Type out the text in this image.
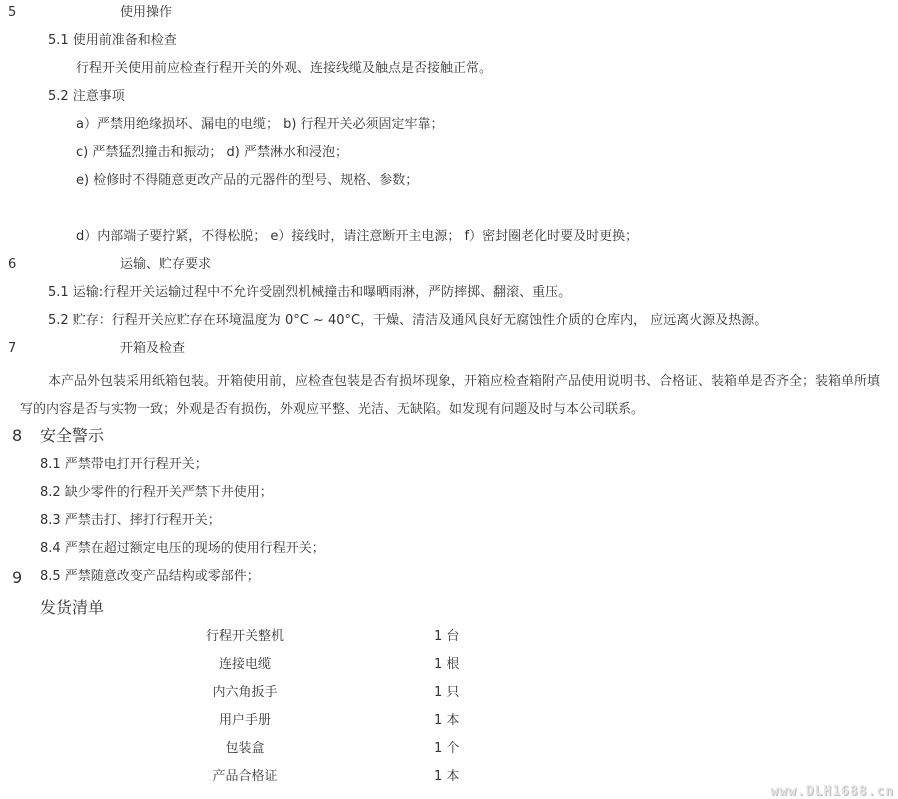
5	使用操作
5.1 使用前准备和检查
行程开关使用前应检查行程开关的外观、连接线缆及触点是否接触正常。
5.2 注意事项
a）严禁用绝缘损坏、漏电的电缆； b) 行程开关必须固定牢靠；
c) 严禁猛烈撞击和振动； d) 严禁淋水和浸泡；
e) 检修时不得随意更改产品的元器件的型号、规格、参数；
d）内部端子要拧紧，不得松脱； e）接线时，请注意断开主电源； f）密封圈老化时要及时更换；
6	运输、贮存要求
5.1 运输:行程开关运输过程中不允许受剧烈机械撞击和曝晒雨淋，严防摔掷、翻滚、重压。
5.2 贮存：行程开关应贮存在环境温度为 0°C ~ 40°C，干燥、清洁及通风良好无腐蚀性介质的仓库内， 应远离火源及热源。
7	开箱及检查
本产品外包装采用纸箱包装。开箱使用前，应检查包装是否有损坏现象，开箱应检查箱附产品使用说明书、合格证、装箱单是否齐全；装箱单所填写的内容是否与实物一致；外观是否有损伤，外观应平整、光洁、无缺陷。如发现有问题及时与本公司联系。
8 安全警示
8.1 严禁带电打开行程开关；
8.2 缺少零件的行程开关严禁下井使用；
8.3 严禁击打、摔打行程开关；
8.4 严禁在超过额定电压的现场的使用行程开关；
8.5 严禁随意改变产品结构或零部件；
9
发货清单
行程开关整机	1 台
连接电缆	1 根
内六角扳手	1 只
用户手册	1 本
包装盒	1 个
产品合格证	1 本
www.DLH1688.cn
